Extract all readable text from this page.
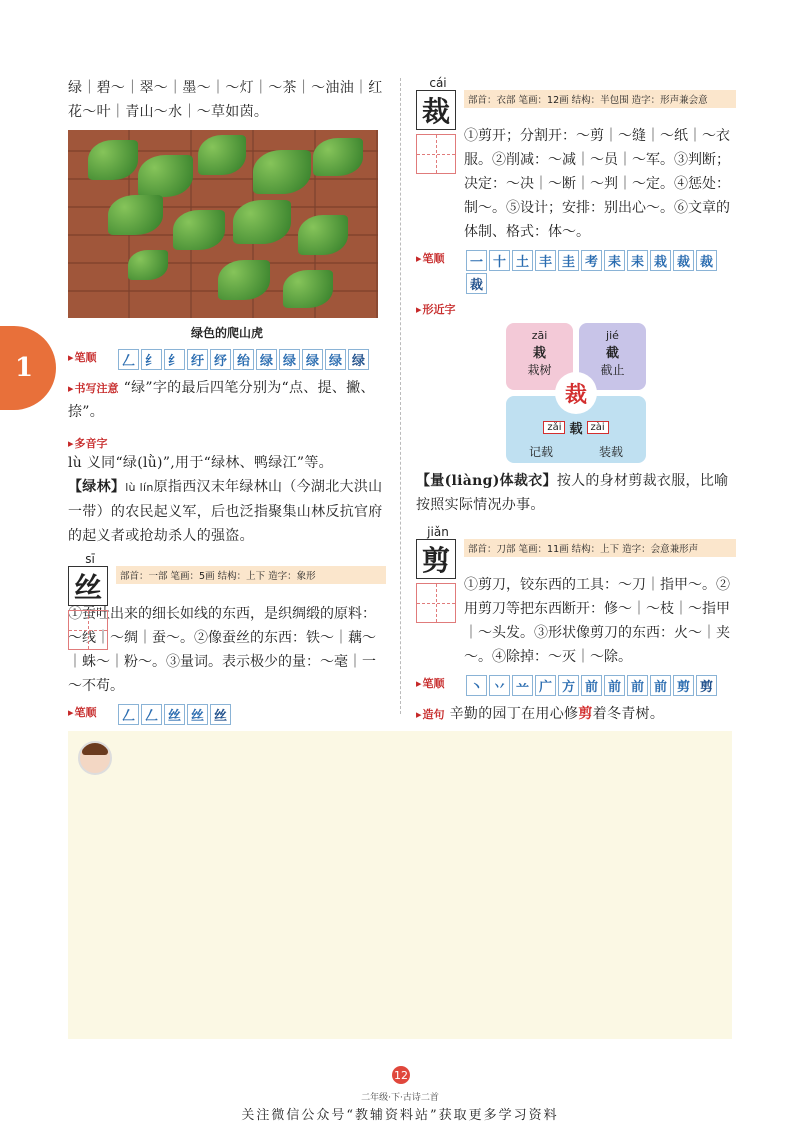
1

绿｜碧～｜翠～｜墨～｜～灯｜～茶｜～油油｜红花～叶｜青山～水｜～草如茵。

绿色的爬山虎
▸ 笔顺	𠃋 纟 纟 纡 纾 绐 绿 绿 绿 绿 绿
▸ 书写注意 “绿”字的最后四笔分别为“点、提、撇、捺”。
▸ 多音字

lù 义同“绿(lǜ)”,用于“绿林、鸭绿江”等。

【绿林】lù lín原指西汉末年绿林山（今湖北大洪山一带）的农民起义军，后也泛指聚集山林反抗官府的起义者或抢劫杀人的强盗。

sī
丝	部首：一部 笔画：5画 结构：上下 造字：象形

①蚕吐出来的细长如线的东西，是织绸缎的原料：～线｜～绸｜蚕～。②像蚕丝的东西：铁～｜藕～｜蛛～｜粉～。③量词。表示极少的量：～毫｜一～不苟。

▸ 笔顺	𠃋 𠃋 丝 丝 丝
cái
裁	部首：衣部 笔画：12画 结构：半包围 造字：形声兼会意

①剪开；分割开：～剪｜～缝｜～纸｜～衣服。②削减：～减｜～员｜～军。③判断；决定：～决｜～断｜～判｜～定。④惩处：制～。⑤设计；安排：别出心～。⑥文章的体制、格式：体～。

▸ 笔顺	一 十 土 丰 圭 考 耒 耒 栽 裁 裁
裁
▸ 形近字
zāi
栽
栽树
jié
截
截止
zǎi 载 zài
记载	装载
裁

【量(liàng)体裁衣】按人的身材剪裁衣服，比喻按照实际情况办事。

jiǎn
剪	部首：刀部 笔画：11画 结构：上下 造字：会意兼形声

①剪刀，铰东西的工具：～刀｜指甲～。②用剪刀等把东西断开：修～｜～枝｜～指甲｜～头发。③形状像剪刀的东西：火～｜夹～。④除掉：～灭｜～除。

▸ 笔顺	丶 丷 䒑 广 方 前 前 前 前 剪 剪
▸ 造句 辛勤的园丁在用心修剪着冬青树。
12
二年级·下·古诗二首
关注微信公众号“教辅资料站”获取更多学习资料
